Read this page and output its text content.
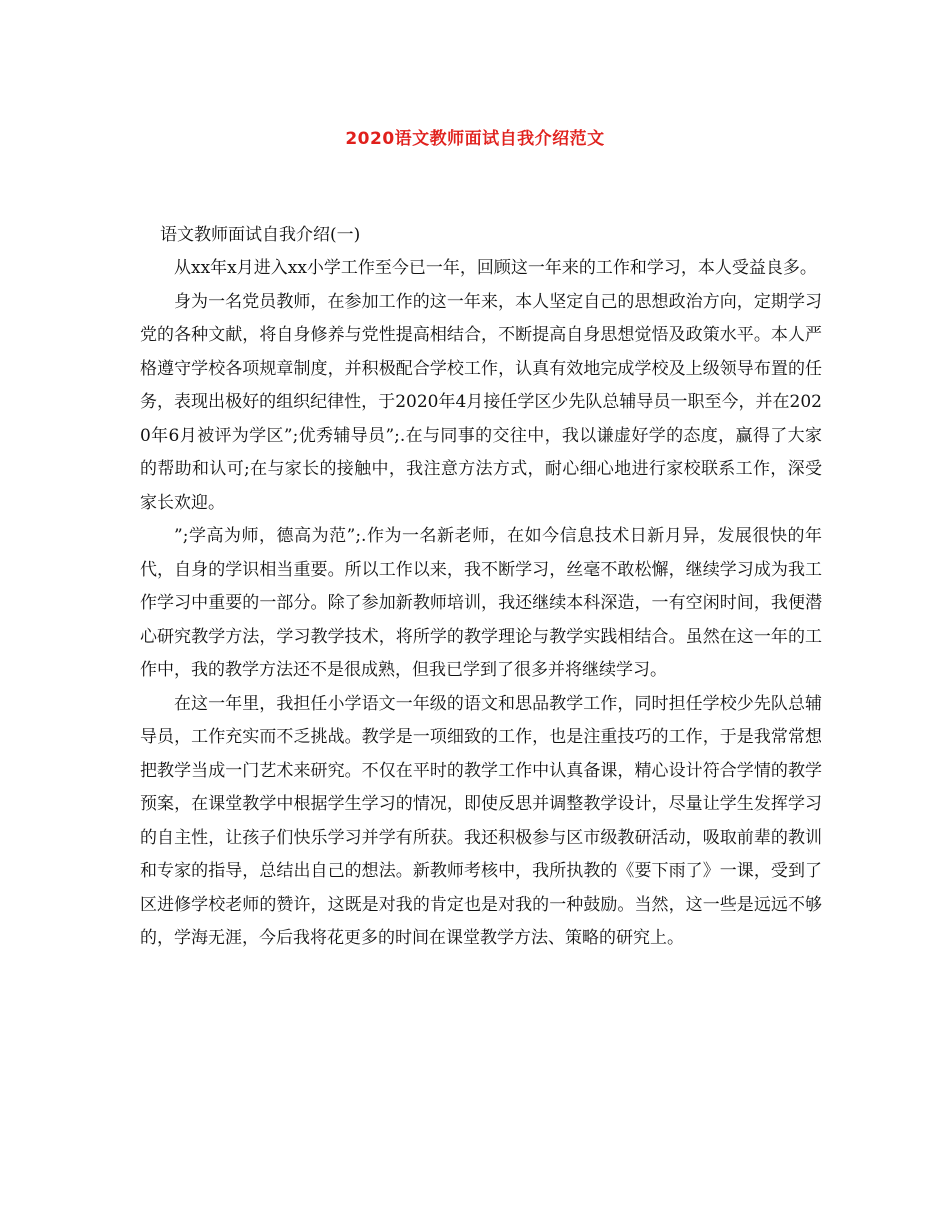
2020语文教师面试自我介绍范文
语文教师面试自我介绍(一)

从xx年x月进入xx小学工作至今已一年，回顾这一年来的工作和学习，本人受益良多。

身为一名党员教师，在参加工作的这一年来，本人坚定自己的思想政治方向，定期学习党的各种文献，将自身修养与党性提高相结合，不断提高自身思想觉悟及政策水平。本人严格遵守学校各项规章制度，并积极配合学校工作，认真有效地完成学校及上级领导布置的任务，表现出极好的组织纪律性，于2020年4月接任学区少先队总辅导员一职至今，并在2020年6月被评为学区”;优秀辅导员”;.在与同事的交往中，我以谦虚好学的态度，赢得了大家的帮助和认可;在与家长的接触中，我注意方法方式，耐心细心地进行家校联系工作，深受家长欢迎。

”;学高为师，德高为范”;.作为一名新老师，在如今信息技术日新月异，发展很快的年代，自身的学识相当重要。所以工作以来，我不断学习，丝毫不敢松懈，继续学习成为我工作学习中重要的一部分。除了参加新教师培训，我还继续本科深造，一有空闲时间，我便潜心研究教学方法，学习教学技术，将所学的教学理论与教学实践相结合。虽然在这一年的工作中，我的教学方法还不是很成熟，但我已学到了很多并将继续学习。

在这一年里，我担任小学语文一年级的语文和思品教学工作，同时担任学校少先队总辅导员，工作充实而不乏挑战。教学是一项细致的工作，也是注重技巧的工作，于是我常常想把教学当成一门艺术来研究。不仅在平时的教学工作中认真备课，精心设计符合学情的教学预案，在课堂教学中根据学生学习的情况，即使反思并调整教学设计，尽量让学生发挥学习的自主性，让孩子们快乐学习并学有所获。我还积极参与区市级教研活动，吸取前辈的教训和专家的指导，总结出自己的想法。新教师考核中，我所执教的《要下雨了》一课，受到了区进修学校老师的赞许，这既是对我的肯定也是对我的一种鼓励。当然，这一些是远远不够的，学海无涯，今后我将花更多的时间在课堂教学方法、策略的研究上。
